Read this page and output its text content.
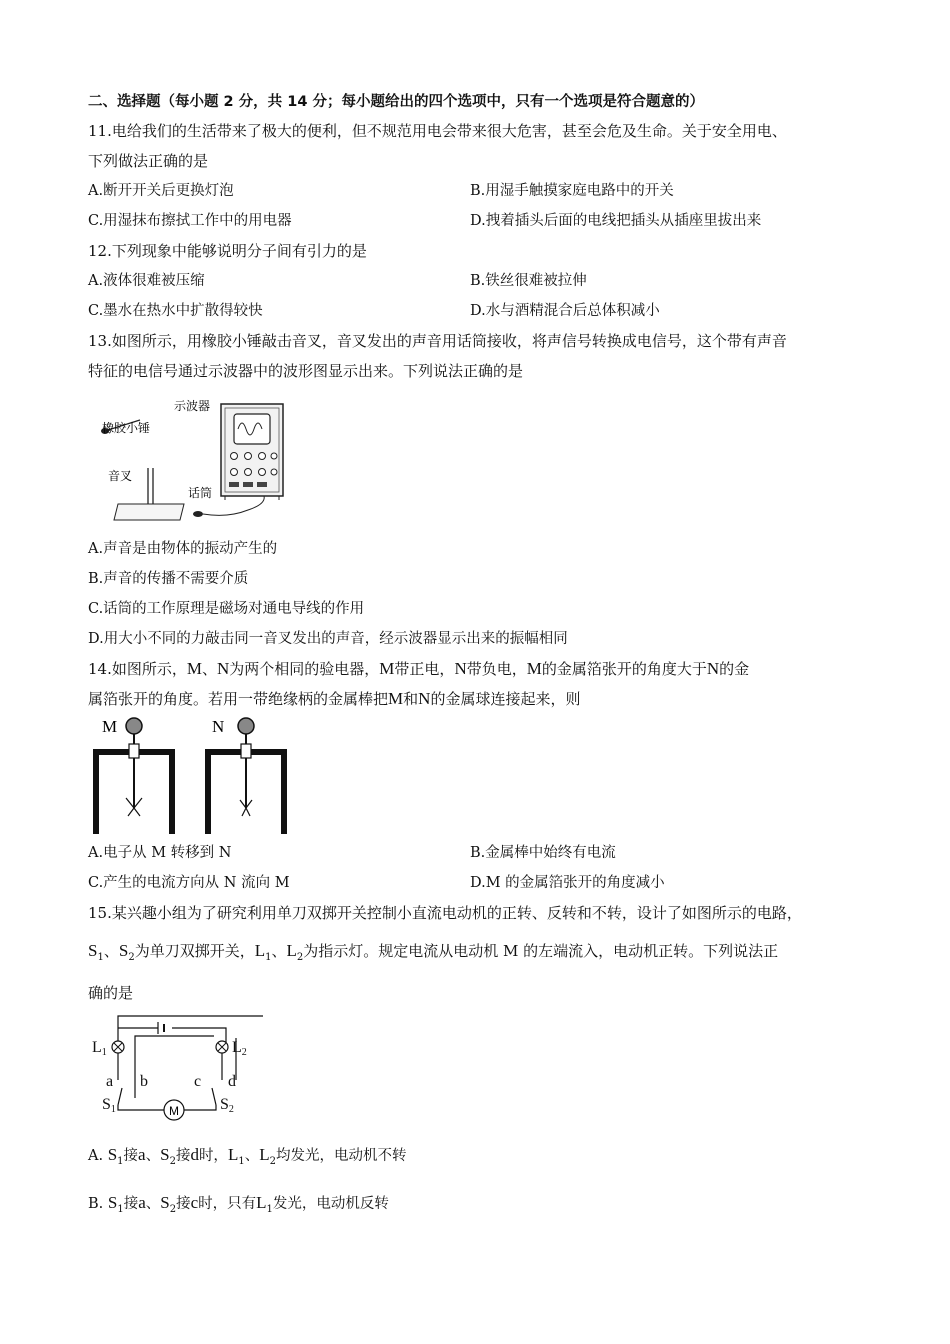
二、选择题（每小题 2 分，共 14 分；每小题给出的四个选项中，只有一个选项是符合题意的）
11.电给我们的生活带来了极大的便利，但不规范用电会带来很大危害，甚至会危及生命。关于安全用电、
下列做法正确的是
A.断开开关后更换灯泡	B.用湿手触摸家庭电路中的开关
C.用湿抹布擦拭工作中的用电器	D.拽着插头后面的电线把插头从插座里拔出来
12.下列现象中能够说明分子间有引力的是
A.液体很难被压缩	B.铁丝很难被拉伸
C.墨水在热水中扩散得较快	D.水与酒精混合后总体积减小
13.如图所示，用橡胶小锤敲击音叉，音叉发出的声音用话筒接收，将声信号转换成电信号，这个带有声音
特征的电信号通过示波器中的波形图显示出来。下列说法正确的是
示波器
橡胶小锤
音叉
话筒
A.声音是由物体的振动产生的
B.声音的传播不需要介质
C.话筒的工作原理是磁场对通电导线的作用
D.用大小不同的力敲击同一音叉发出的声音，经示波器显示出来的振幅相同
14.如图所示，M、N为两个相同的验电器，M带正电，N带负电，M的金属箔张开的角度大于N的金
属箔张开的角度。若用一带绝缘柄的金属棒把M和N的金属球连接起来，则
M	N
A.电子从 M 转移到 N	B.金属棒中始终有电流
C.产生的电流方向从 N 流向 M	D.M 的金属箔张开的角度减小
15.某兴趣小组为了研究利用单刀双掷开关控制小直流电动机的正转、反转和不转，设计了如图所示的电路，
$S_1$、$S_2$为单刀双掷开关，$L_1$、$L_2$为指示灯。规定电流从电动机 M 的左端流入，电动机正转。下列说法正
确的是
M
L1	L2
a b	c d
S1	S2
A. $S_1$接a、$S_2$接d时，$L_1$、$L_2$均发光，电动机不转
B. $S_1$接a、$S_2$接c时，只有$L_1$发光，电动机反转
